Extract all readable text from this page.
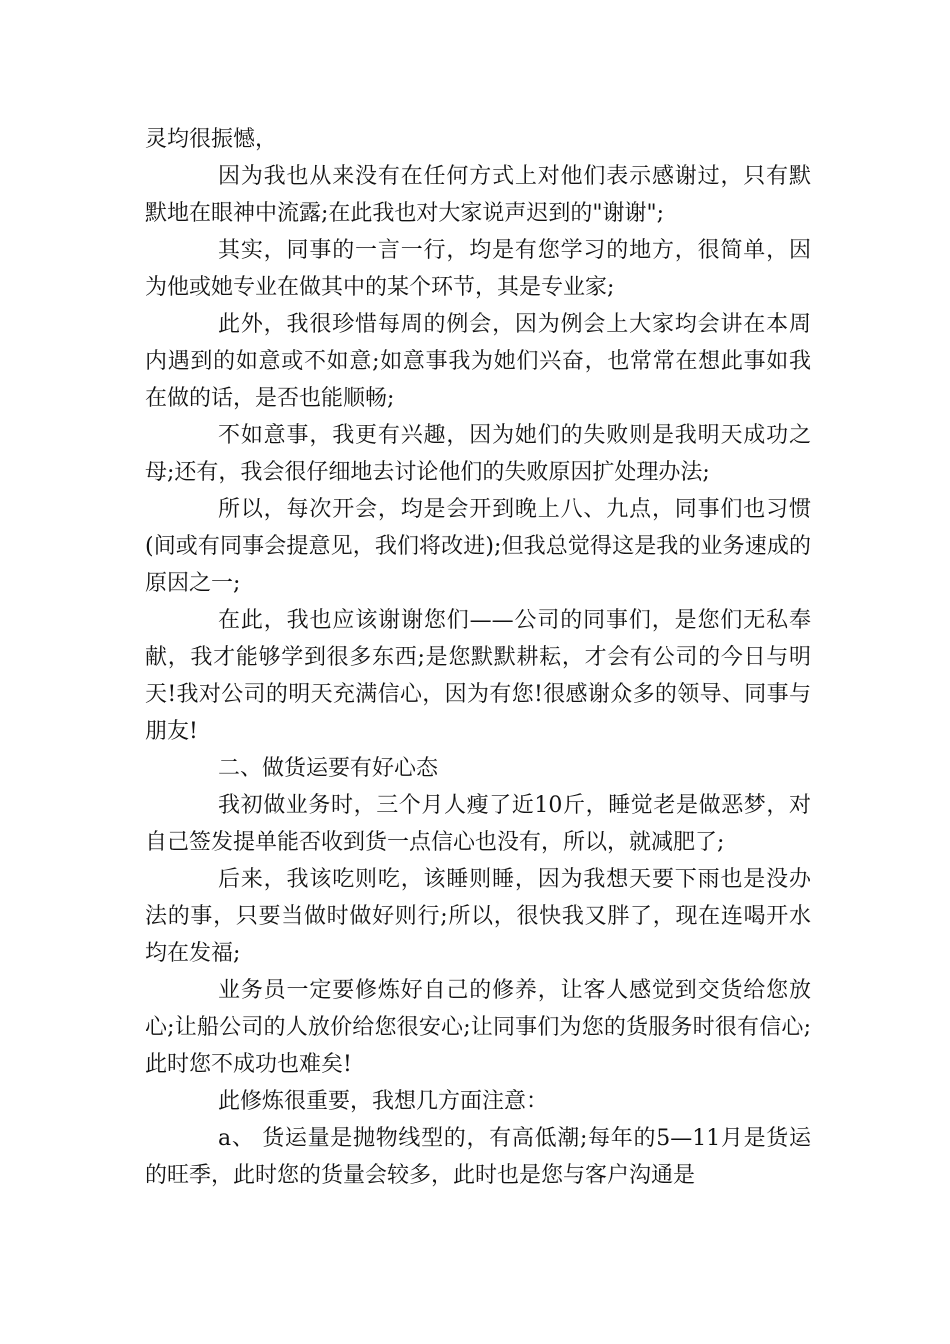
灵均很振憾，

因为我也从来没有在任何方式上对他们表示感谢过，只有默默地在眼神中流露;在此我也对大家说声迟到的"谢谢";

其实，同事的一言一行，均是有您学习的地方，很简单，因为他或她专业在做其中的某个环节，其是专业家;

此外，我很珍惜每周的例会，因为例会上大家均会讲在本周内遇到的如意或不如意;如意事我为她们兴奋，也常常在想此事如我在做的话，是否也能顺畅;

不如意事，我更有兴趣，因为她们的失败则是我明天成功之母;还有，我会很仔细地去讨论他们的失败原因扩处理办法;

所以，每次开会，均是会开到晚上八、九点，同事们也习惯(间或有同事会提意见，我们将改进);但我总觉得这是我的业务速成的原因之一;

在此，我也应该谢谢您们——公司的同事们，是您们无私奉献，我才能够学到很多东西;是您默默耕耘，才会有公司的今日与明天!我对公司的明天充满信心，因为有您!很感谢众多的领导、同事与朋友!

二、做货运要有好心态

我初做业务时，三个月人瘦了近10斤，睡觉老是做恶梦，对自己签发提单能否收到货一点信心也没有，所以，就减肥了;

后来，我该吃则吃，该睡则睡，因为我想天要下雨也是没办法的事，只要当做时做好则行;所以，很快我又胖了，现在连喝开水均在发福;

业务员一定要修炼好自己的修养，让客人感觉到交货给您放心;让船公司的人放价给您很安心;让同事们为您的货服务时很有信心;此时您不成功也难矣!

此修炼很重要，我想几方面注意：

a、 货运量是抛物线型的，有高低潮;每年的5—11月是货运的旺季，此时您的货量会较多，此时也是您与客户沟通是
